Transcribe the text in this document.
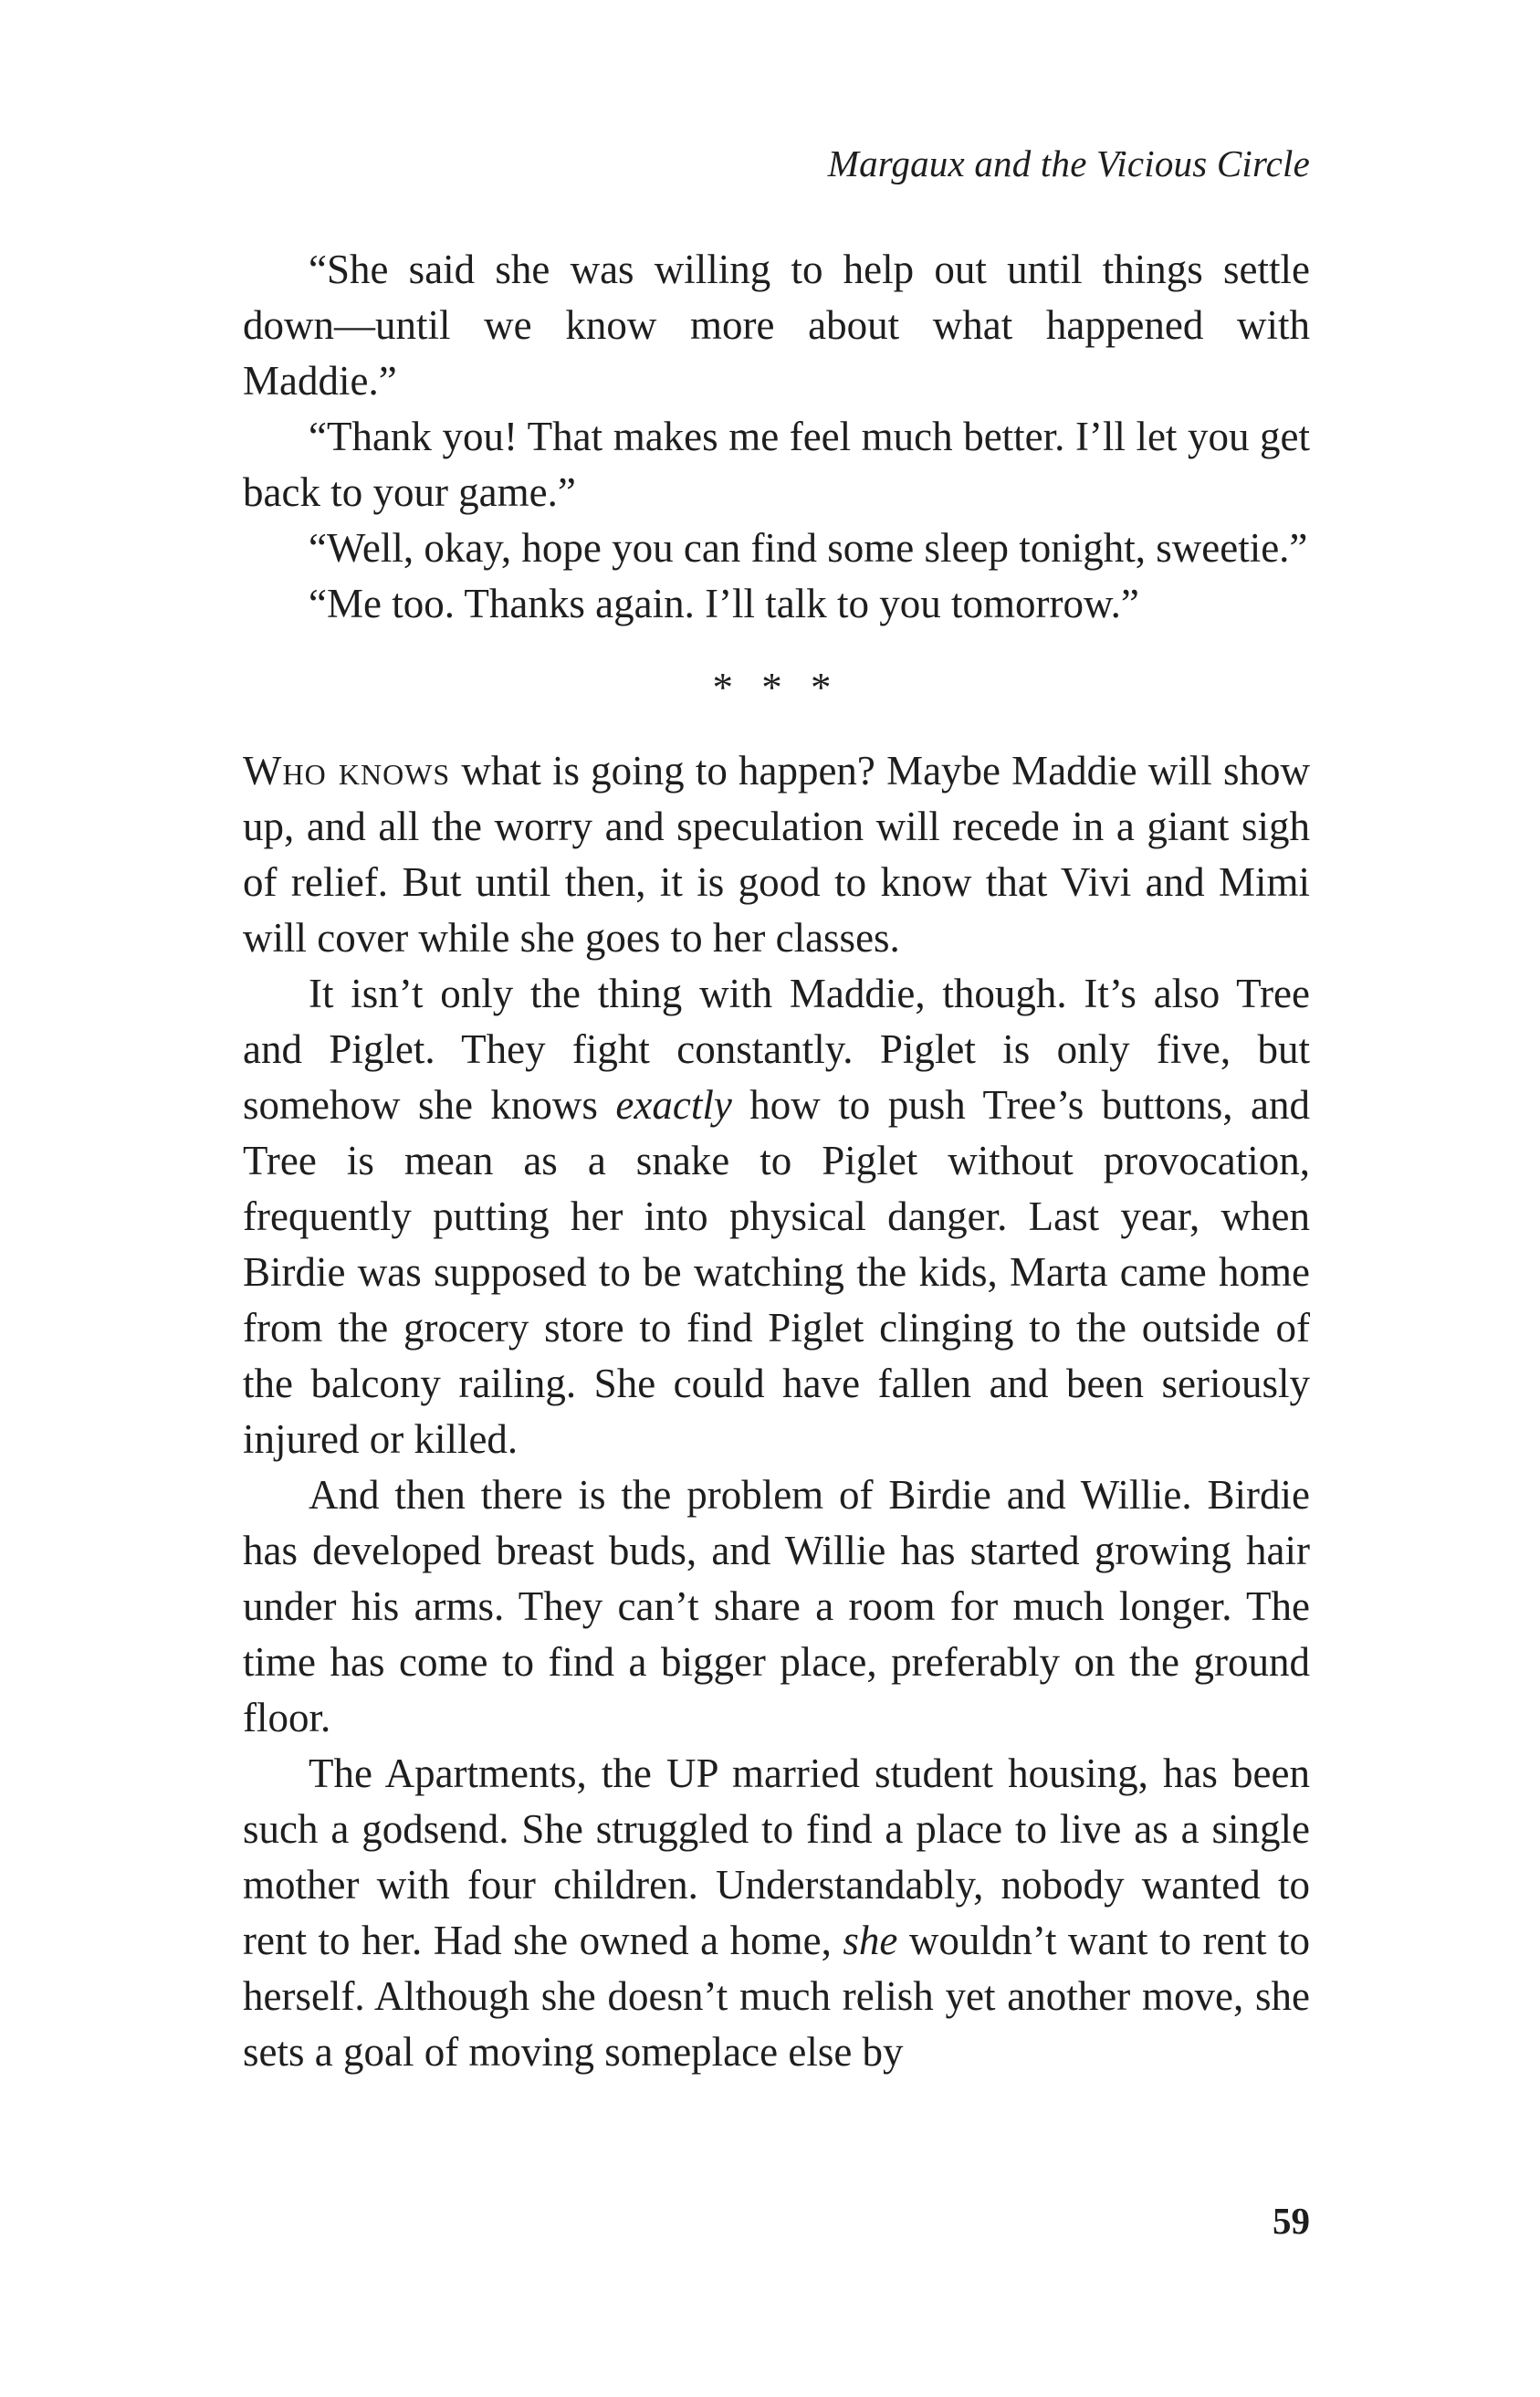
Margaux and the Vicious Circle

“She said she was willing to help out until things settle down—until we know more about what happened with Maddie.”

“Thank you! That makes me feel much better. I’ll let you get back to your game.”

“Well, okay, hope you can find some sleep tonight, sweetie.”

“Me too. Thanks again. I’ll talk to you tomorrow.”

* * *

Who knows what is going to happen? Maybe Maddie will show up, and all the worry and speculation will recede in a giant sigh of relief. But until then, it is good to know that Vivi and Mimi will cover while she goes to her classes.

It isn’t only the thing with Maddie, though. It’s also Tree and Piglet. They fight constantly. Piglet is only five, but somehow she knows exactly how to push Tree’s buttons, and Tree is mean as a snake to Piglet without provocation, frequently putting her into physical danger. Last year, when Birdie was supposed to be watching the kids, Marta came home from the grocery store to find Piglet clinging to the outside of the balcony railing. She could have fallen and been seriously injured or killed.

And then there is the problem of Birdie and Willie. Birdie has developed breast buds, and Willie has started growing hair under his arms. They can’t share a room for much longer. The time has come to find a bigger place, preferably on the ground floor.

The Apartments, the UP married student housing, has been such a godsend. She struggled to find a place to live as a single mother with four children. Understandably, nobody wanted to rent to her. Had she owned a home, she wouldn’t want to rent to herself. Although she doesn’t much relish yet another move, she sets a goal of moving someplace else by

59
